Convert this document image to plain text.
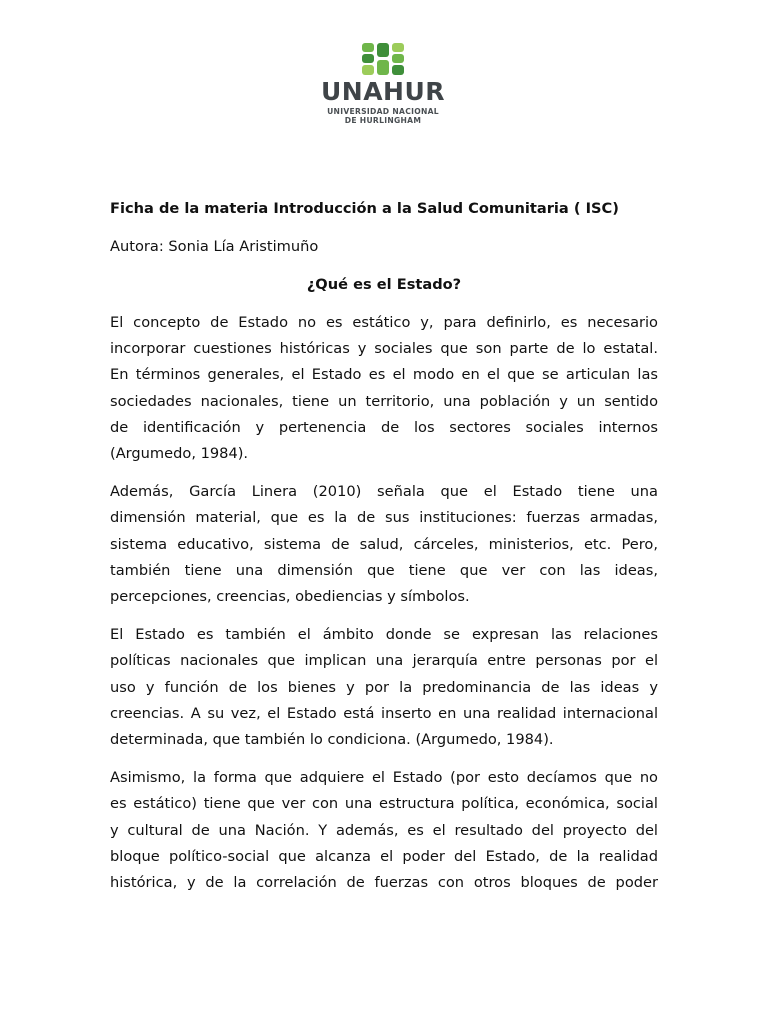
UNAHUR
UNIVERSIDAD NACIONAL
DE HURLINGHAM
Ficha de la materia Introducción a la Salud Comunitaria ( ISC)
Autora: Sonia Lía Aristimuño
¿Qué es el Estado?
El concepto de Estado no es estático y, para definirlo, es necesario
incorporar cuestiones históricas y sociales que son parte de lo estatal.
En términos generales, el Estado es el modo en el que se articulan las
sociedades nacionales, tiene un territorio, una población y un sentido
de identificación y pertenencia de los sectores sociales internos
(Argumedo, 1984).
Además, García Linera (2010) señala que el Estado tiene una
dimensión material, que es la de sus instituciones: fuerzas armadas,
sistema educativo, sistema de salud, cárceles, ministerios, etc. Pero,
también tiene una dimensión que tiene que ver con las ideas,
percepciones, creencias, obediencias y símbolos.
El Estado es también el ámbito donde se expresan las relaciones
políticas nacionales que implican una jerarquía entre personas por el
uso y función de los bienes y por la predominancia de las ideas y
creencias. A su vez, el Estado está inserto en una realidad internacional
determinada, que también lo condiciona. (Argumedo, 1984).
Asimismo, la forma que adquiere el Estado (por esto decíamos que no
es estático) tiene que ver con una estructura política, económica, social
y cultural de una Nación. Y además, es el resultado del proyecto del
bloque político-social que alcanza el poder del Estado, de la realidad
histórica, y de la correlación de fuerzas con otros bloques de poder
